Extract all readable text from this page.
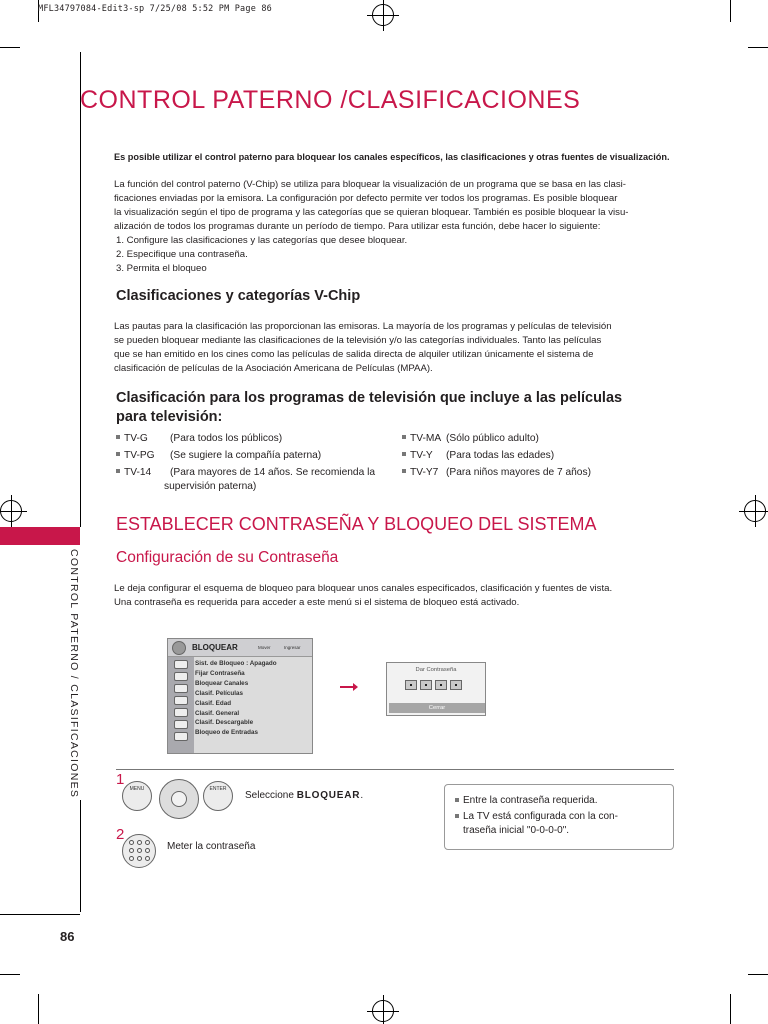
MFL34797084-Edit3-sp 7/25/08 5:52 PM Page 86
CONTROL PATERNO /CLASIFICACIONES
Es posible utilizar el control paterno para bloquear los canales específicos, las clasificaciones y otras fuentes de visualización.
La función del control paterno (V-Chip) se utiliza para bloquear la visualización de un programa que se basa en las clasi-
ficaciones enviadas por la emisora. La configuración por defecto permite ver todos los programas. Es posible bloquear
la visualización según el tipo de programa y las categorías que se quieran bloquear. También es posible bloquear la visu-
alización de todos los programas durante un período de tiempo. Para utilizar esta función, debe hacer lo siguiente:
1. Configure las clasificaciones y las categorías que desee bloquear.
2. Especifique una contraseña.
3. Permita el bloqueo
Clasificaciones y categorías V-Chip
Las pautas para la clasificación las proporcionan las emisoras. La mayoría de los programas y películas de televisión
se pueden bloquear mediante las clasificaciones de la televisión y/o las categorías individuales. Tanto las películas
que se han emitido en los cines como las películas de salida directa de alquiler utilizan únicamente el sistema de
clasificación de películas de la Asociación Americana de Películas (MPAA).
Clasificación para los programas de televisión que incluye a las películas
para televisión:
TV-G (Para todos los públicos)
TV-PG (Se sugiere la compañía paterna)
TV-14 (Para mayores de 14 años. Se recomienda la
supervisión paterna)
TV-MA (Sólo público adulto)
TV-Y (Para todas las edades)
TV-Y7 (Para niños mayores de 7 años)
CONTROL PATERNO / CLASIFICACIONES
ESTABLECER CONTRASEÑA Y BLOQUEO DEL SISTEMA
Configuración de su Contraseña
Le deja configurar el esquema de bloqueo para bloquear unos canales especificados, clasificación y fuentes de vista.
Una contraseña es requerida para acceder a este menú si el sistema de bloqueo está activado.
BLOQUEAR	Mover	Ingresar
Sist. de Bloqueo : Apagado
Fijar Contraseña
Bloquear Canales
Clasif. Películas
Clasif. Edad
Clasif. General
Clasif. Descargable
Bloqueo de Entradas
Dar Contraseña
Cerrar
1
MENU	ENTER
Seleccione BLOQUEAR.
2
Meter la contraseña
Entre la contraseña requerida.
La TV está configurada con la con-
traseña inicial "0-0-0-0".
86
